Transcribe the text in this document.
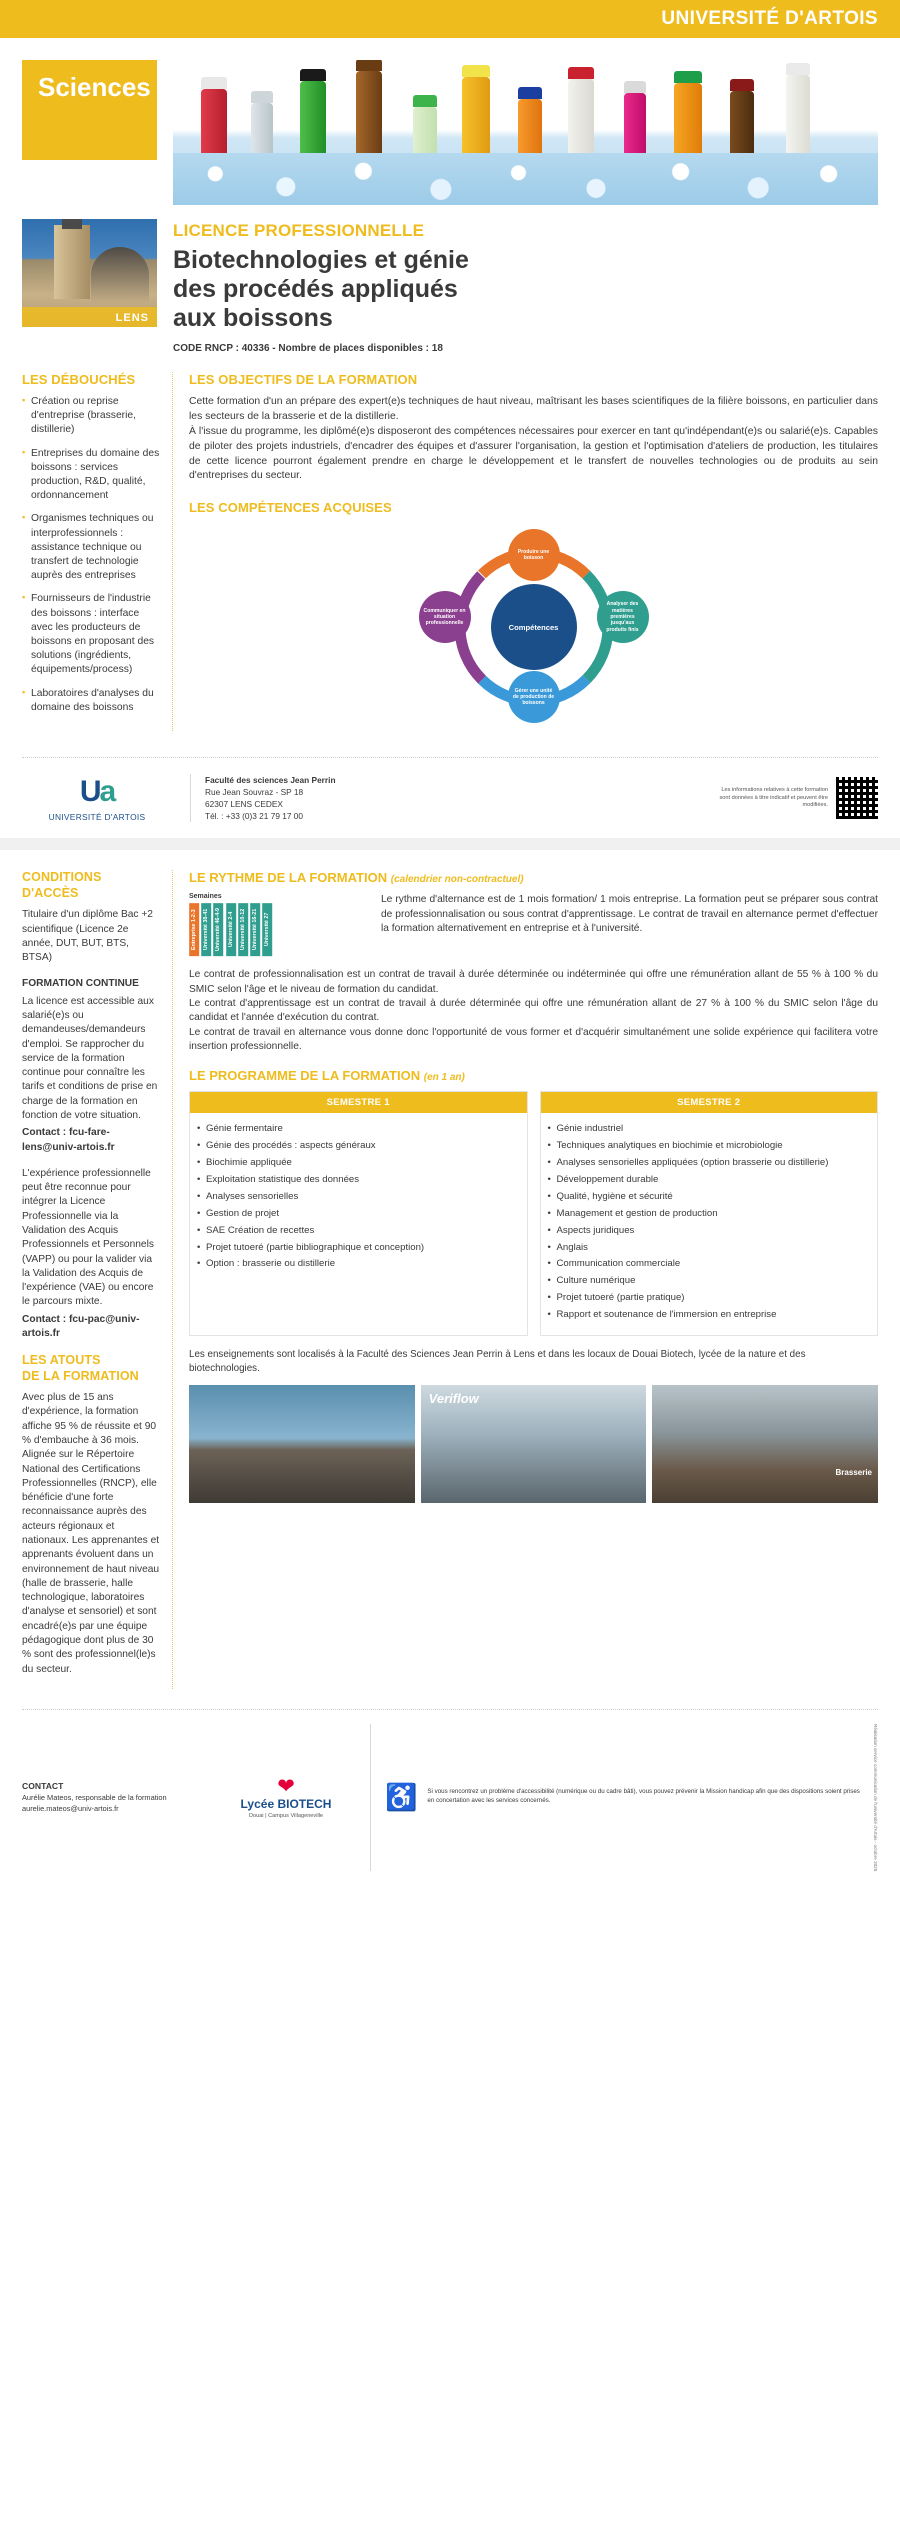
UNIVERSITÉ D'ARTOIS
Sciences
LENS
LICENCE PROFESSIONNELLE
Biotechnologies et génie
des procédés appliqués
aux boissons
CODE RNCP : 40336 - Nombre de places disponibles : 18
LES DÉBOUCHÉS
▪ Création ou reprise d'entreprise (brasserie, distillerie)
▪ Entreprises du domaine des boissons : services production, R&D, qualité, ordonnancement
▪ Organismes techniques ou interprofessionnels : assistance technique ou transfert de technologie auprès des entreprises
▪ Fournisseurs de l'industrie des boissons : interface avec les producteurs de boissons en proposant des solutions (ingrédients, équipements/process)
▪ Laboratoires d'analyses du domaine des boissons
LES OBJECTIFS DE LA FORMATION

Cette formation d'un an prépare des expert(e)s techniques de haut niveau, maîtrisant les bases scientifiques de la filière boissons, en particulier dans les secteurs de la brasserie et de la distillerie.

À l'issue du programme, les diplômé(e)s disposeront des compétences nécessaires pour exercer en tant qu'indépendant(e)s ou salarié(e)s. Capables de piloter des projets industriels, d'encadrer des équipes et d'assurer l'organisation, la gestion et l'optimisation d'ateliers de production, les titulaires de cette licence pourront également prendre en charge le développement et le transfert de nouvelles technologies ou de produits au sein d'entreprises du secteur.

LES COMPÉTENCES ACQUISES
Produire une boisson
Analyser des matières premières jusqu'aux produits finis
Gérer une unité de production de boissons
Communiquer en situation professionnelle	Compétences
Ua
UNIVERSITÉ D'ARTOIS
Faculté des sciences Jean Perrin
Rue Jean Souvraz - SP 18
62307 LENS CEDEX
Tél. : +33 (0)3 21 79 17 00
Les informations relatives à cette formation sont données à titre indicatif et peuvent être modifiées.
CONDITIONS
D'ACCÈS
Titulaire d'un diplôme Bac +2 scientifique (Licence 2e année, DUT, BUT, BTS, BTSA)
FORMATION CONTINUE
La licence est accessible aux salarié(e)s ou demandeuses/demandeurs d'emploi. Se rapprocher du service de la formation continue pour connaître les tarifs et conditions de prise en charge de la formation en fonction de votre situation.
Contact : fcu-fare-lens@univ-artois.fr
L'expérience professionnelle peut être reconnue pour intégrer la Licence Professionnelle via la Validation des Acquis Professionnels et Personnels (VAPP) ou pour la valider via la Validation des Acquis de l'expérience (VAE) ou encore le parcours mixte.
Contact : fcu-pac@univ-artois.fr
LES ATOUTS
DE LA FORMATION
Avec plus de 15 ans d'expérience, la formation affiche 95 % de réussite et 90 % d'embauche à 36 mois. Alignée sur le Répertoire National des Certifications Professionnelles (RNCP), elle bénéficie d'une forte reconnaissance auprès des acteurs régionaux et nationaux. Les apprenantes et apprenants évoluent dans un environnement de haut niveau (halle de brasserie, halle technologique, laboratoires d'analyse et sensoriel) et sont encadré(e)s par une équipe pédagogique dont plus de 30 % sont des professionnel(le)s du secteur.
LE RYTHME DE LA FORMATION (calendrier non-contractuel)
Semaines
Entreprise 1-2-3	Université 38-41	Université 46-4-9	Université 2-4	Université 10-12	Université 16-21	Université 27

Le rythme d'alternance est de 1 mois formation/ 1 mois entreprise. La formation peut se préparer sous contrat de professionnalisation ou sous contrat d'apprentissage. Le contrat de travail en alternance permet d'effectuer la formation alternativement en entreprise et à l'université.

Le contrat de professionnalisation est un contrat de travail à durée déterminée ou indéterminée qui offre une rémunération allant de 55 % à 100 % du SMIC selon l'âge et le niveau de formation du candidat.

Le contrat d'apprentissage est un contrat de travail à durée déterminée qui offre une rémunération allant de 27 % à 100 % du SMIC selon l'âge du candidat et l'année d'exécution du contrat.

Le contrat de travail en alternance vous donne donc l'opportunité de vous former et d'acquérir simultanément une solide expérience qui facilitera votre insertion professionnelle.

LE PROGRAMME DE LA FORMATION (en 1 an)
SEMESTRE 1
• Génie fermentaire
• Génie des procédés : aspects généraux
• Biochimie appliquée
• Exploitation statistique des données
• Analyses sensorielles
• Gestion de projet
• SAE Création de recettes
• Projet tutoeré (partie bibliographique et conception)
• Option : brasserie ou distillerie
SEMESTRE 2
• Génie industriel
• Techniques analytiques en biochimie et microbiologie
• Analyses sensorielles appliquées (option brasserie ou distillerie)
• Développement durable
• Qualité, hygiène et sécurité
• Management et gestion de production
• Aspects juridiques
• Anglais
• Communication commerciale
• Culture numérique
• Projet tutoeré (partie pratique)
• Rapport et soutenance de l'immersion en entreprise
Les enseignements sont localisés à la Faculté des Sciences Jean Perrin à Lens et dans les locaux de Douai Biotech, lycée de la nature et des biotechnologies.
Veriflow
Brasserie
CONTACT
Aurélie Mateos, responsable de la formation
aurelie.mateos@univ-artois.fr
❤
Lycée BIOTECH
Douai | Campus Villageneville
♿ Si vous rencontrez un problème d'accessibilité (numérique ou du cadre bâti), vous pouvez prévenir la Mission handicap afin que des dispositions soient prises en concertation avec les services concernés.	Réalisation service communication de l'université d'Artois - octobre 2025
